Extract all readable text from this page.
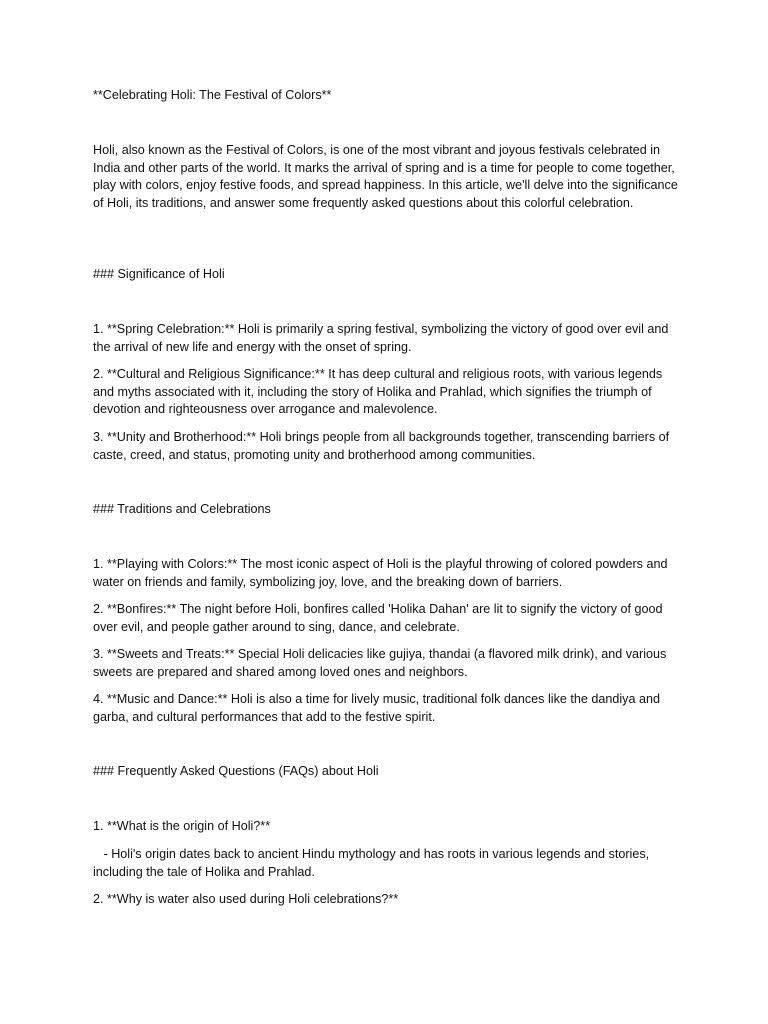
**Celebrating Holi: The Festival of Colors**

Holi, also known as the Festival of Colors, is one of the most vibrant and joyous festivals celebrated in India and other parts of the world. It marks the arrival of spring and is a time for people to come together, play with colors, enjoy festive foods, and spread happiness. In this article, we'll delve into the significance of Holi, its traditions, and answer some frequently asked questions about this colorful celebration.

### Significance of Holi

1. **Spring Celebration:** Holi is primarily a spring festival, symbolizing the victory of good over evil and the arrival of new life and energy with the onset of spring.

2. **Cultural and Religious Significance:** It has deep cultural and religious roots, with various legends and myths associated with it, including the story of Holika and Prahlad, which signifies the triumph of devotion and righteousness over arrogance and malevolence.

3. **Unity and Brotherhood:** Holi brings people from all backgrounds together, transcending barriers of caste, creed, and status, promoting unity and brotherhood among communities.

### Traditions and Celebrations

1. **Playing with Colors:** The most iconic aspect of Holi is the playful throwing of colored powders and water on friends and family, symbolizing joy, love, and the breaking down of barriers.

2. **Bonfires:** The night before Holi, bonfires called 'Holika Dahan' are lit to signify the victory of good over evil, and people gather around to sing, dance, and celebrate.

3. **Sweets and Treats:** Special Holi delicacies like gujiya, thandai (a flavored milk drink), and various sweets are prepared and shared among loved ones and neighbors.

4. **Music and Dance:** Holi is also a time for lively music, traditional folk dances like the dandiya and garba, and cultural performances that add to the festive spirit.

### Frequently Asked Questions (FAQs) about Holi

1. **What is the origin of Holi?**

- Holi's origin dates back to ancient Hindu mythology and has roots in various legends and stories, including the tale of Holika and Prahlad.

2. **Why is water also used during Holi celebrations?**
